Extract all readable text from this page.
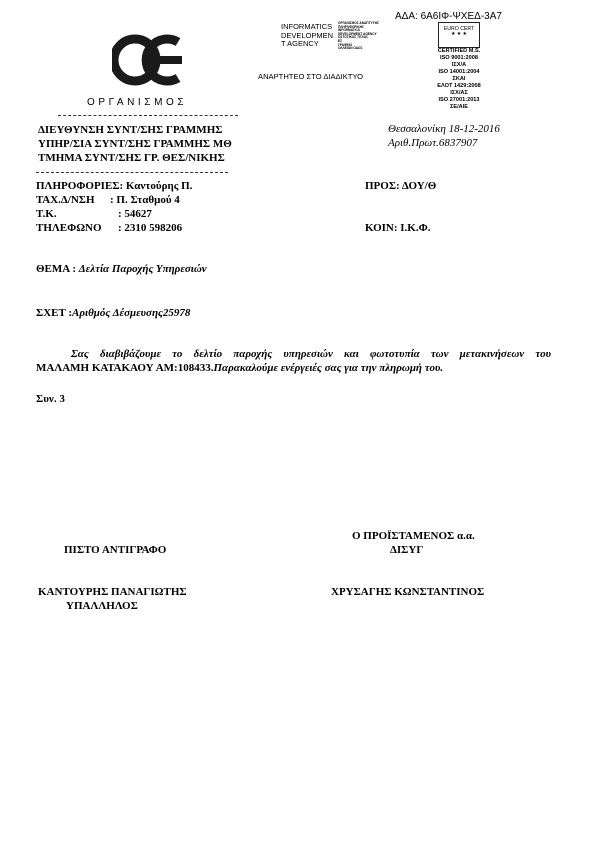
ΑΔΑ: 6Α6ΙΦ-ΨΧΕΔ-3Α7
ΟΡΓΑΝΙΣΜΟΣ
INFORMATICS
DEVELOPMEN
T AGENCY
ΟΡΓΑΝΙΣΜΟΣ ΑΝΑΠΤΥΞΗΣ
ΠΛΗΡΟΦΟΡΙΚΗΣ
INFORMATICS
DEVELOPMENT AGENCY
ΩΣΤΟΤΙΚΟΣ ΤΙΤΛΟΣ
ΕΣ
ΓΡΑΦΕΙΟ
ΟΛΛΕΙΩΝ ΟΔΟΣ
ΑΝΑΡΤΗΤΕΟ ΣΤΟ ΔΙΑΔΙΚΤΥΟ
EURO CERT
★ ★ ★
CERTIFIED M.S.
ISO 9001:2008
ΙΣΧ/Α
ISO 14001:2004
ΣΚΑΙ
ΕΛΟΤ 1429:2008
ΙΣΧ/ΑΣ
ISO 27001:2013
ΣΕ/ΑΙΕ
ΔΙΕΥΘΥΝΣΗ ΣΥΝΤ/ΣΗΣ ΓΡΑΜΜΗΣ
ΥΠΗΡ/ΣΙΑ ΣΥΝΤ/ΣΗΣ ΓΡΑΜΜΗΣ ΜΘ
ΤΜΗΜΑ ΣΥΝΤ/ΣΗΣ ΓΡ. ΘΕΣ/ΝΙΚΗΣ
Θεσσαλονίκη 18-12-2016
Αριθ.Πρωτ.6837907
ΠΛΗΡΟΦΟΡΙΕΣ: Καντούρης Π.
ΤΑΧ.Δ/ΝΣΗ : Π. Σταθμού 4
Τ.Κ.	: 54627
ΤΗΛΕΦΩΝΟ : 2310 598206
ΠΡΟΣ: ΔΟΥ/Θ
ΚΟΙΝ: Ι.Κ.Φ.
ΘΕΜΑ : Δελτία Παροχής Υπηρεσιών
ΣΧΕΤ :Αριθμός Δέσμευσης25978
Σας διαβιβάζουμε το δελτίο παροχής υπηρεσιών και φωτοτυπία των μετακινήσεων του
ΜΑΛΑΜΗ ΚΑΤΑΚΑΟΥ ΑΜ:108433.Παρακαλούμε ενέργειές σας για την πληρωμή του.
Συν. 3
Ο ΠΡΟΪΣΤΑΜΕΝΟΣ α.α.
ΔΙΣΥΓ
ΠΙΣΤΟ ΑΝΤΙΓΡΑΦΟ
ΚΑΝΤΟΥΡΗΣ ΠΑΝΑΓΙΩΤΗΣ
ΥΠΑΛΛΗΛΟΣ
ΧΡΥΣΑΓΗΣ ΚΩΝΣΤΑΝΤΙΝΟΣ
